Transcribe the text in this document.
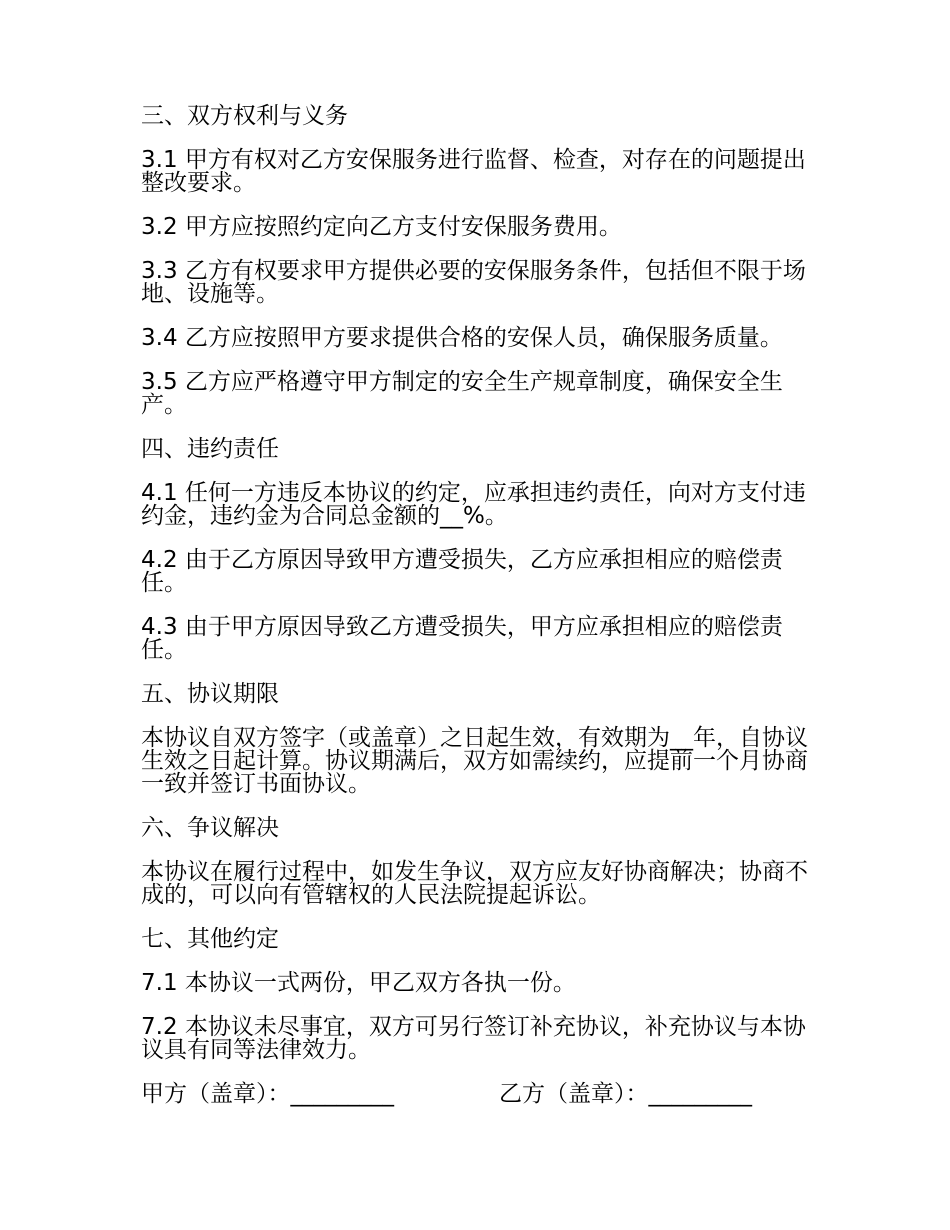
三、双方权利与义务

3.1 甲方有权对乙方安保服务进行监督、检查，对存在的问题提出整改要求。

3.2 甲方应按照约定向乙方支付安保服务费用。

3.3 乙方有权要求甲方提供必要的安保服务条件，包括但不限于场地、设施等。

3.4 乙方应按照甲方要求提供合格的安保人员，确保服务质量。

3.5 乙方应严格遵守甲方制定的安全生产规章制度，确保安全生产。

四、违约责任

4.1 任何一方违反本协议的约定，应承担违约责任，向对方支付违约金，违约金为合同总金额的__%。

4.2 由于乙方原因导致甲方遭受损失，乙方应承担相应的赔偿责任。

4.3 由于甲方原因导致乙方遭受损失，甲方应承担相应的赔偿责任。

五、协议期限

本协议自双方签字（或盖章）之日起生效，有效期为__年，自协议生效之日起计算。协议期满后，双方如需续约，应提前一个月协商一致并签订书面协议。

六、争议解决

本协议在履行过程中，如发生争议，双方应友好协商解决；协商不成的，可以向有管辖权的人民法院提起诉讼。

七、其他约定

7.1 本协议一式两份，甲乙双方各执一份。

7.2 本协议未尽事宜，双方可另行签订补充协议，补充协议与本协议具有同等法律效力。

甲方（盖章）：_________	乙方（盖章）：_________
